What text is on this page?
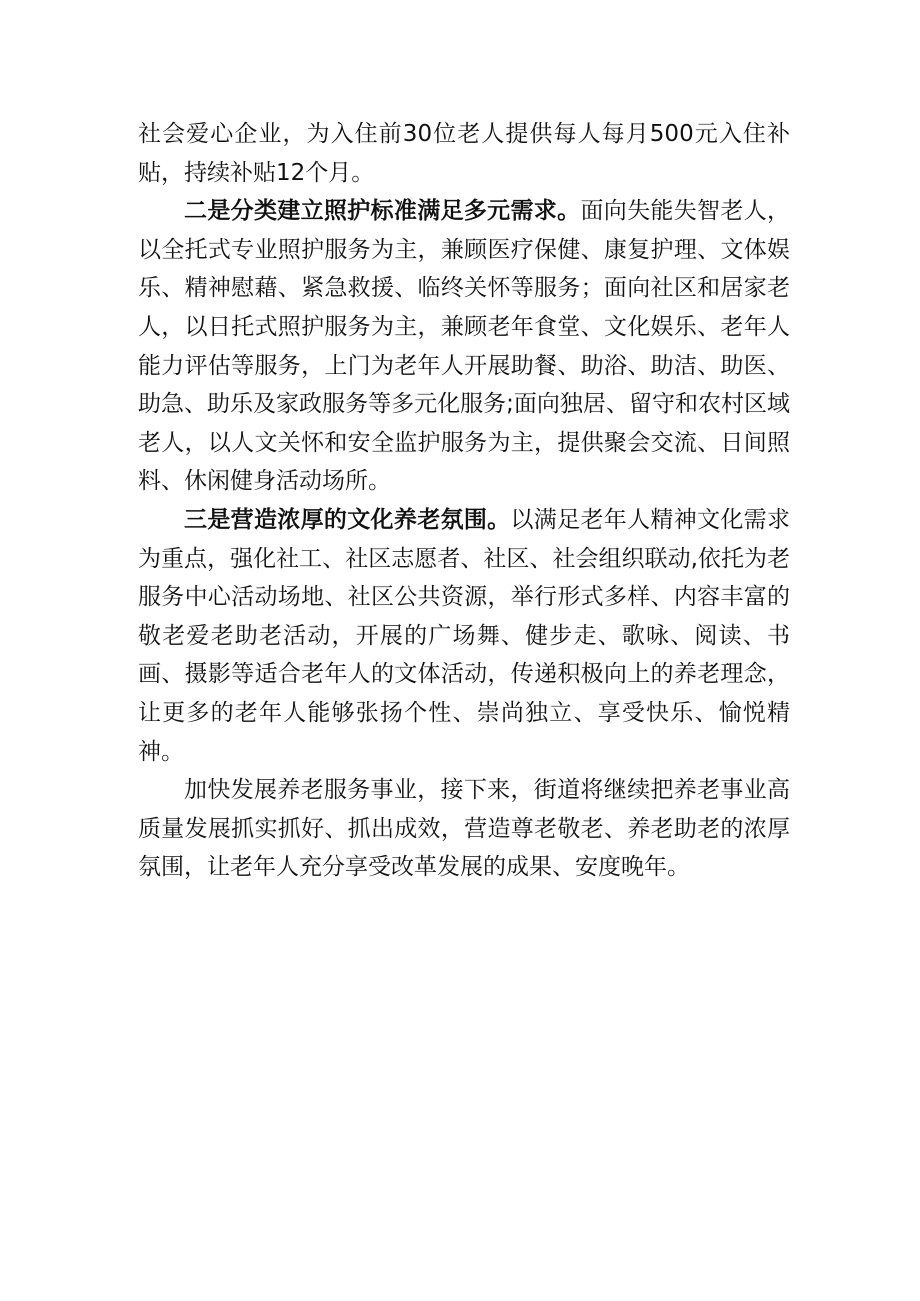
社会爱心企业，为入住前30位老人提供每人每月500元入住补贴，持续补贴12个月。

二是分类建立照护标准满足多元需求。面向失能失智老人，以全托式专业照护服务为主，兼顾医疗保健、康复护理、文体娱乐、精神慰藉、紧急救援、临终关怀等服务；面向社区和居家老人，以日托式照护服务为主，兼顾老年食堂、文化娱乐、老年人能力评估等服务，上门为老年人开展助餐、助浴、助洁、助医、助急、助乐及家政服务等多元化服务;面向独居、留守和农村区域老人，以人文关怀和安全监护服务为主，提供聚会交流、日间照料、休闲健身活动场所。

三是营造浓厚的文化养老氛围。以满足老年人精神文化需求为重点，强化社工、社区志愿者、社区、社会组织联动,依托为老服务中心活动场地、社区公共资源，举行形式多样、内容丰富的敬老爱老助老活动，开展的广场舞、健步走、歌咏、阅读、书画、摄影等适合老年人的文体活动，传递积极向上的养老理念，让更多的老年人能够张扬个性、崇尚独立、享受快乐、愉悦精神。

加快发展养老服务事业，接下来，街道将继续把养老事业高质量发展抓实抓好、抓出成效，营造尊老敬老、养老助老的浓厚氛围，让老年人充分享受改革发展的成果、安度晚年。
